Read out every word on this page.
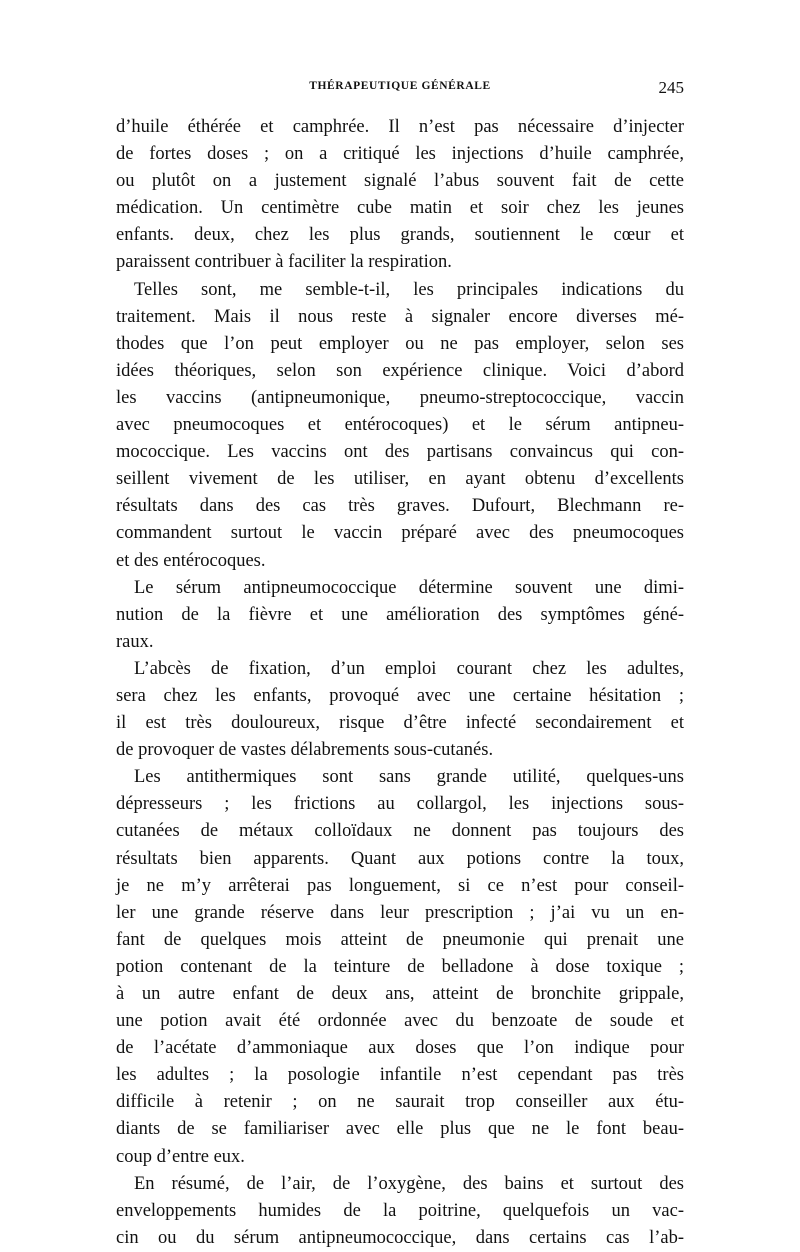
THÉRAPEUTIQUE GÉNÉRALE	245
d’huile éthérée et camphrée. Il n’est pas nécessaire d’injecter
de fortes doses ; on a critiqué les injections d’huile camphrée,
ou plutôt on a justement signalé l’abus souvent fait de cette
médication. Un centimètre cube matin et soir chez les jeunes
enfants. deux, chez les plus grands, soutiennent le cœur et
paraissent contribuer à faciliter la respiration.
Telles sont, me semble-t-il, les principales indications du
traitement. Mais il nous reste à signaler encore diverses mé-
thodes que l’on peut employer ou ne pas employer, selon ses
idées théoriques, selon son expérience clinique. Voici d’abord
les vaccins (antipneumonique, pneumo-streptococcique, vaccin
avec pneumocoques et entérocoques) et le sérum antipneu-
mococcique. Les vaccins ont des partisans convaincus qui con-
seillent vivement de les utiliser, en ayant obtenu d’excellents
résultats dans des cas très graves. Dufourt, Blechmann re-
commandent surtout le vaccin préparé avec des pneumocoques
et des entérocoques.
Le sérum antipneumococcique détermine souvent une dimi-
nution de la fièvre et une amélioration des symptômes géné-
raux.
L’abcès de fixation, d’un emploi courant chez les adultes,
sera chez les enfants, provoqué avec une certaine hésitation ;
il est très douloureux, risque d’être infecté secondairement et
de provoquer de vastes délabrements sous-cutanés.
Les antithermiques sont sans grande utilité, quelques-uns
dépresseurs ; les frictions au collargol, les injections sous-
cutanées de métaux colloïdaux ne donnent pas toujours des
résultats bien apparents. Quant aux potions contre la toux,
je ne m’y arrêterai pas longuement, si ce n’est pour conseil-
ler une grande réserve dans leur prescription ; j’ai vu un en-
fant de quelques mois atteint de pneumonie qui prenait une
potion contenant de la teinture de belladone à dose toxique ;
à un autre enfant de deux ans, atteint de bronchite grippale,
une potion avait été ordonnée avec du benzoate de soude et
de l’acétate d’ammoniaque aux doses que l’on indique pour
les adultes ; la posologie infantile n’est cependant pas très
difficile à retenir ; on ne saurait trop conseiller aux étu-
diants de se familiariser avec elle plus que ne le font beau-
coup d’entre eux.
En résumé, de l’air, de l’oxygène, des bains et surtout des
enveloppements humides de la poitrine, quelquefois un vac-
cin ou du sérum antipneumococcique, dans certains cas l’ab-
